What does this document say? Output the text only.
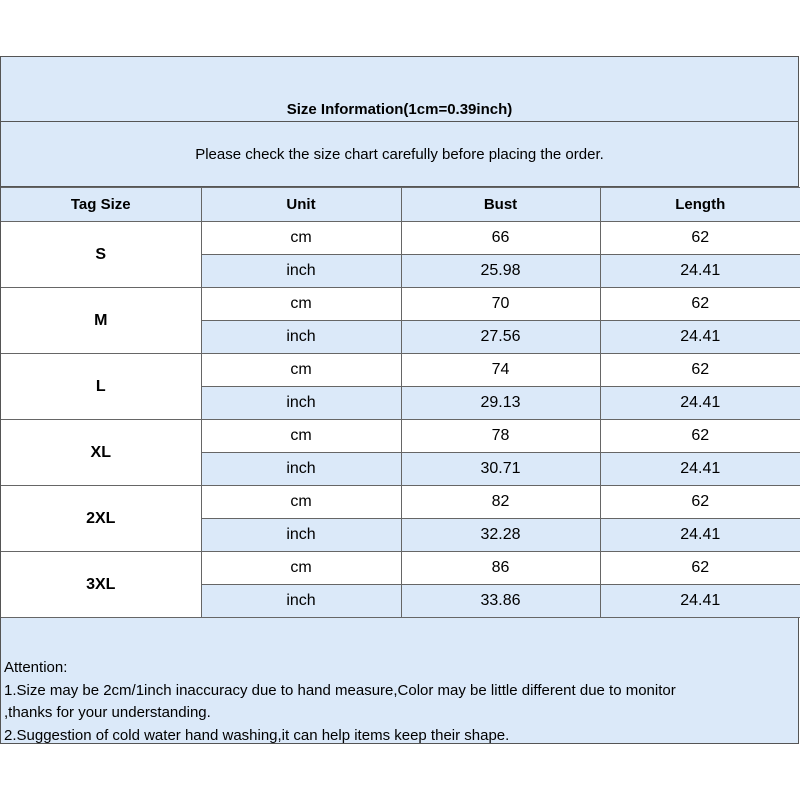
Size Information(1cm=0.39inch)
Please check the size chart carefully before placing the order.
Tag Size	Unit	Bust	Length
S	cm	66	62
	inch	25.98	24.41
M	cm	70	62
	inch	27.56	24.41
L	cm	74	62
	inch	29.13	24.41
XL	cm	78	62
	inch	30.71	24.41
2XL	cm	82	62
	inch	32.28	24.41
3XL	cm	86	62
	inch	33.86	24.41
Attention:
1.Size may be 2cm/1inch inaccuracy due to hand measure,Color may be little different due to monitor
,thanks for your understanding.
2.Suggestion of cold water hand washing,it can help items keep their shape.
